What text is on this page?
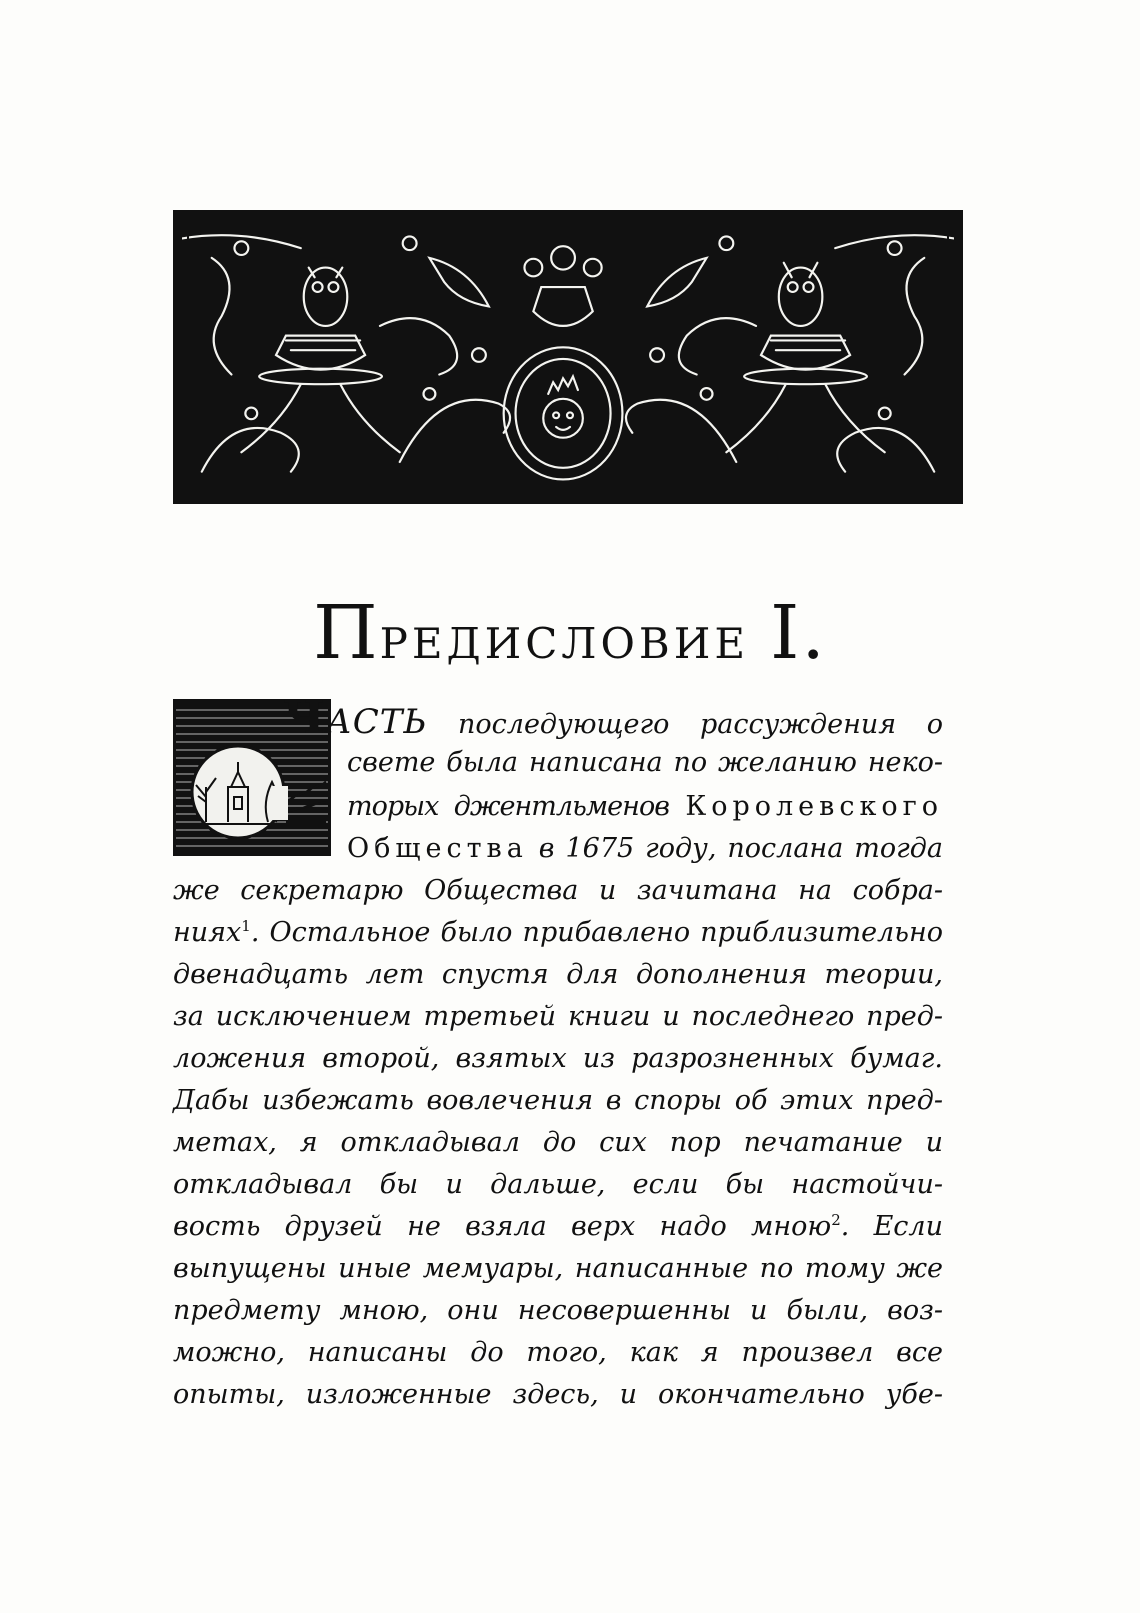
Предисловие I.
ЧАСТЬ последующего рассуждения о
свете была написана по желанию неко-
торых джентльменов Королевского
Общества в 1675 году, послана тогда
же секретарю Общества и зачитана на собра-
ниях$^1$. Остальное было прибавлено приблизительно
двенадцать лет спустя для дополнения теории,
за исключением третьей книги и последнего пред-
ложения второй, взятых из разрозненных бумаг.
Дабы избежать вовлечения в споры об этих пред-
метах, я откладывал до сих пор печатание и
откладывал бы и дальше, если бы настойчи-
вость друзей не взяла верх надо мною$^2$. Если
выпущены иные мемуары, написанные по тому же
предмету мною, они несовершенны и были, воз-
можно, написаны до того, как я произвел все
опыты, изложенные здесь, и окончательно убе-
